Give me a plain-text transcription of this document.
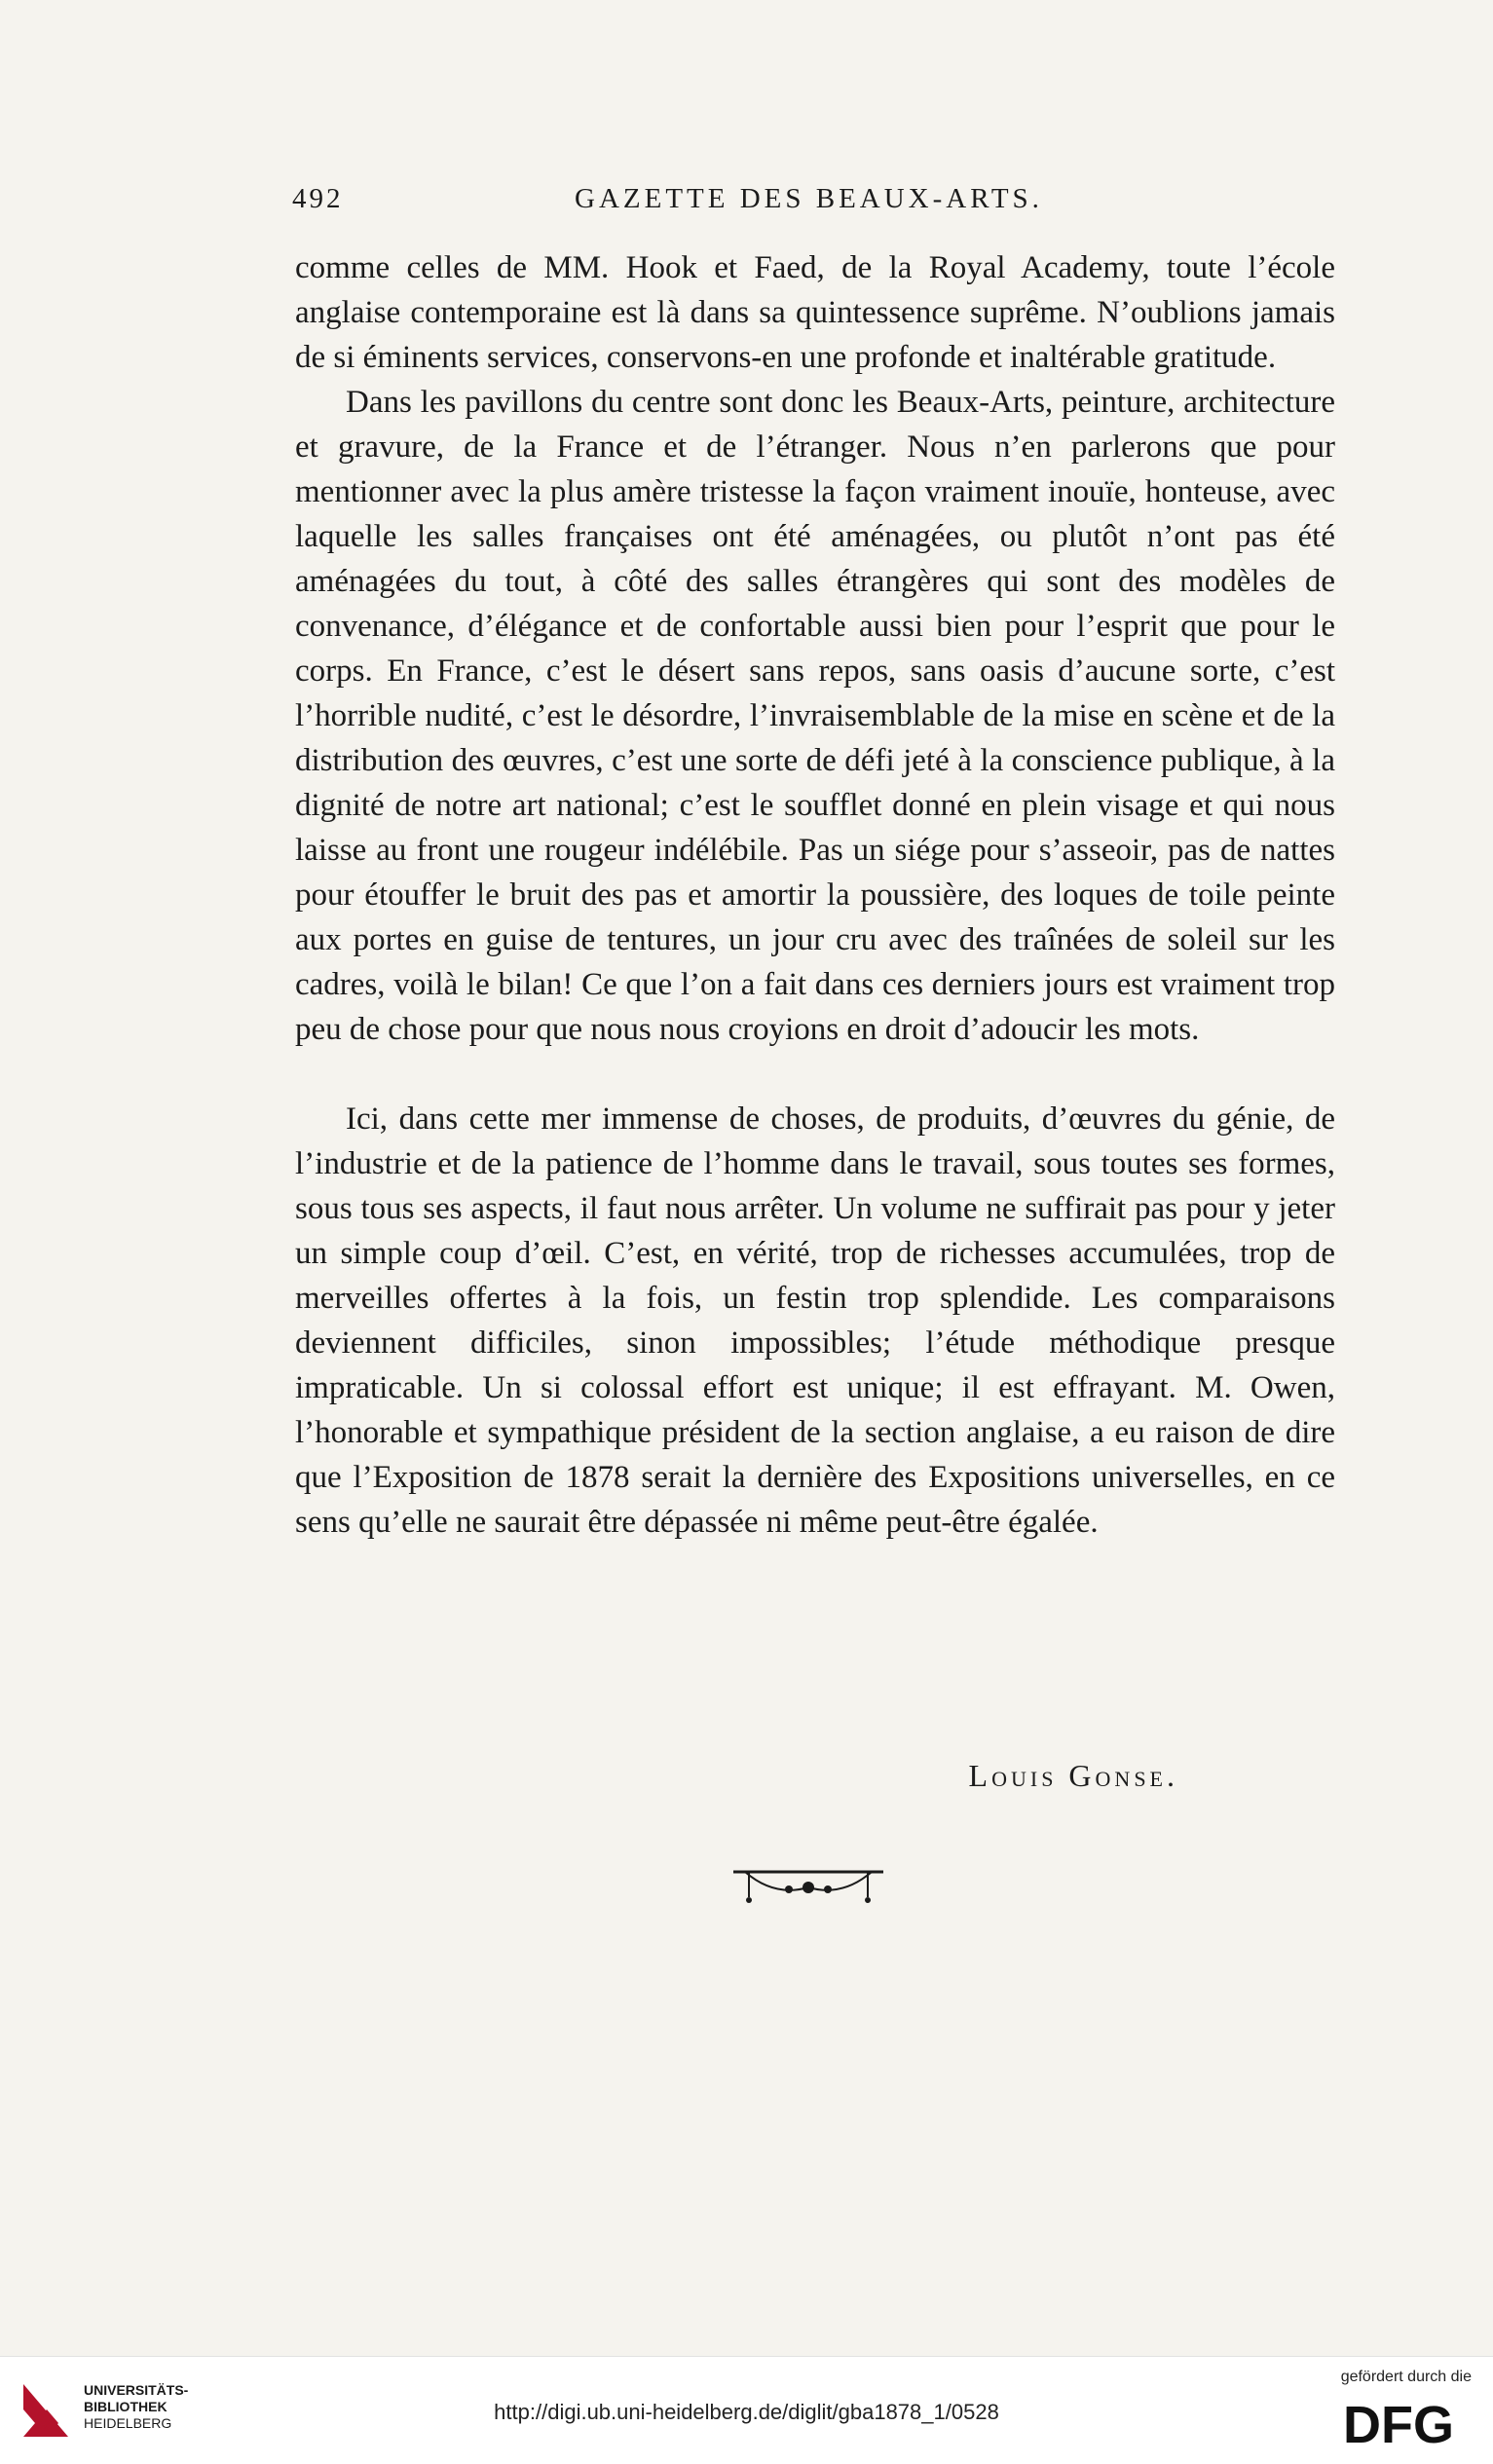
492	GAZETTE DES BEAUX-ARTS.

comme celles de MM. Hook et Faed, de la Royal Academy, toute l’école anglaise contemporaine est là dans sa quintessence suprême. N’oublions jamais de si éminents services, conservons-en une profonde et inaltérable gratitude.

Dans les pavillons du centre sont donc les Beaux-Arts, peinture, architecture et gravure, de la France et de l’étranger. Nous n’en parlerons que pour mentionner avec la plus amère tristesse la façon vraiment inouïe, honteuse, avec laquelle les salles françaises ont été aménagées, ou plutôt n’ont pas été aménagées du tout, à côté des salles étrangères qui sont des modèles de convenance, d’élégance et de confortable aussi bien pour l’esprit que pour le corps. En France, c’est le désert sans repos, sans oasis d’aucune sorte, c’est l’horrible nudité, c’est le désordre, l’invraisemblable de la mise en scène et de la distribution des œuvres, c’est une sorte de défi jeté à la conscience publique, à la dignité de notre art national; c’est le soufflet donné en plein visage et qui nous laisse au front une rougeur indélébile. Pas un siége pour s’asseoir, pas de nattes pour étouffer le bruit des pas et amortir la poussière, des loques de toile peinte aux portes en guise de tentures, un jour cru avec des traînées de soleil sur les cadres, voilà le bilan! Ce que l’on a fait dans ces derniers jours est vraiment trop peu de chose pour que nous nous croyions en droit d’adoucir les mots.

Ici, dans cette mer immense de choses, de produits, d’œuvres du génie, de l’industrie et de la patience de l’homme dans le travail, sous toutes ses formes, sous tous ses aspects, il faut nous arrêter. Un volume ne suffirait pas pour y jeter un simple coup d’œil. C’est, en vérité, trop de richesses accumulées, trop de merveilles offertes à la fois, un festin trop splendide. Les comparaisons deviennent difficiles, sinon impossibles; l’étude méthodique presque impraticable. Un si colossal effort est unique; il est effrayant. M. Owen, l’honorable et sympathique président de la section anglaise, a eu raison de dire que l’Exposition de 1878 serait la dernière des Expositions universelles, en ce sens qu’elle ne saurait être dépassée ni même peut-être égalée.

Louis Gonse.
UNIVERSITÄTS-
BIBLIOTHEK
HEIDELBERG	http://digi.ub.uni-heidelberg.de/diglit/gba1878_1/0528
gefördert durch die
DFG
